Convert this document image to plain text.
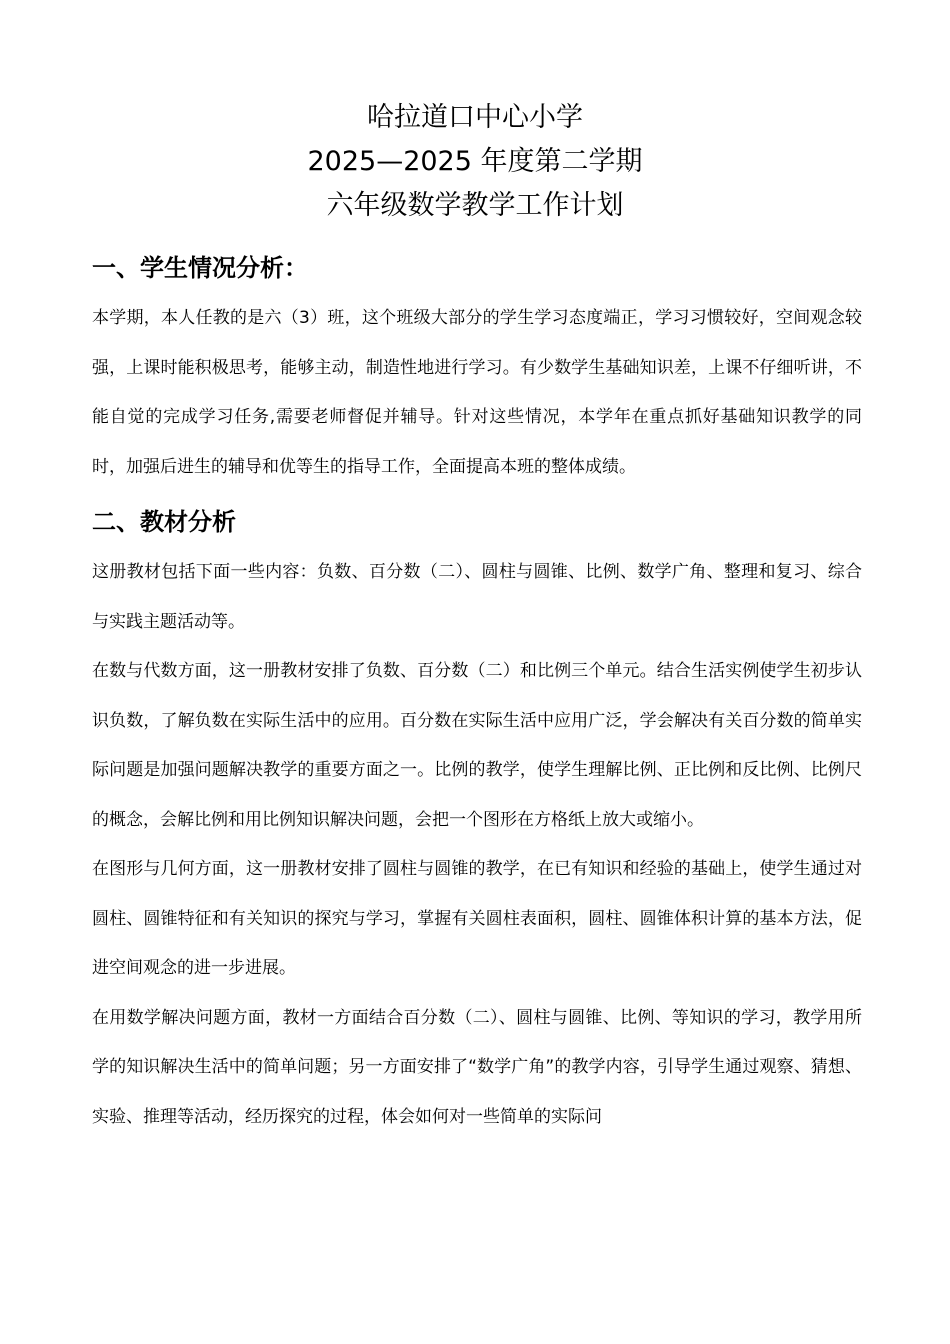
哈拉道口中心小学
2025—2025 年度第二学期
六年级数学教学工作计划
一、学生情况分析：

本学期，本人任教的是六（3）班，这个班级大部分的学生学习态度端正，学习习惯较好，空间观念较强，上课时能积极思考，能够主动，制造性地进行学习。有少数学生基础知识差，上课不仔细听讲，不能自觉的完成学习任务,需要老师督促并辅导。针对这些情况，本学年在重点抓好基础知识教学的同时，加强后进生的辅导和优等生的指导工作，全面提高本班的整体成绩。

二、教材分析

这册教材包括下面一些内容：负数、百分数（二）、圆柱与圆锥、比例、数学广角、整理和复习、综合与实践主题活动等。

在数与代数方面，这一册教材安排了负数、百分数（二）和比例三个单元。结合生活实例使学生初步认识负数，了解负数在实际生活中的应用。百分数在实际生活中应用广泛，学会解决有关百分数的简单实际问题是加强问题解决教学的重要方面之一。比例的教学，使学生理解比例、正比例和反比例、比例尺的概念，会解比例和用比例知识解决问题，会把一个图形在方格纸上放大或缩小。

在图形与几何方面，这一册教材安排了圆柱与圆锥的教学，在已有知识和经验的基础上，使学生通过对圆柱、圆锥特征和有关知识的探究与学习，掌握有关圆柱表面积，圆柱、圆锥体积计算的基本方法，促进空间观念的进一步进展。

在用数学解决问题方面，教材一方面结合百分数（二）、圆柱与圆锥、比例、等知识的学习，教学用所学的知识解决生活中的简单问题；另一方面安排了“数学广角”的教学内容，引导学生通过观察、猜想、实验、推理等活动，经历探究的过程，体会如何对一些简单的实际问
